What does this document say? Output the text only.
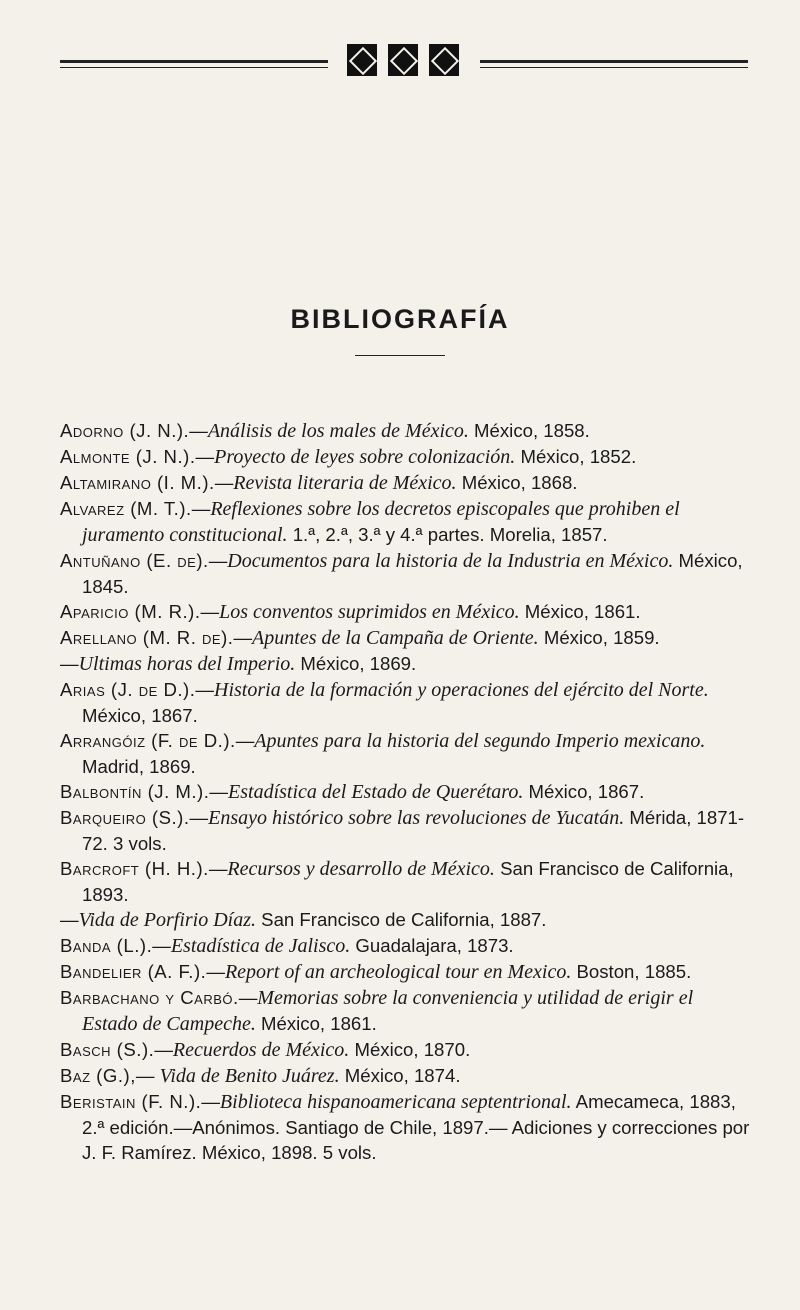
BIBLIOGRAFÍA

Adorno (J. N.).—Análisis de los males de México. México, 1858.

Almonte (J. N.).—Proyecto de leyes sobre colonización. México, 1852.

Altamirano (I. M.).—Revista literaria de México. México, 1868.

Alvarez (M. T.).—Reflexiones sobre los decretos episcopales que prohiben el juramento constitucional. 1.ª, 2.ª, 3.ª y 4.ª partes. Morelia, 1857.

Antuñano (E. de).—Documentos para la historia de la Industria en México. México, 1845.

Aparicio (M. R.).—Los conventos suprimidos en México. México, 1861.

Arellano (M. R. de).—Apuntes de la Campaña de Oriente. México, 1859.

—Ultimas horas del Imperio. México, 1869.

Arias (J. de D.).—Historia de la formación y operaciones del ejército del Norte. México, 1867.

Arrangóiz (F. de D.).—Apuntes para la historia del segundo Imperio mexicano. Madrid, 1869.

Balbontín (J. M.).—Estadística del Estado de Querétaro. México, 1867.

Barqueiro (S.).—Ensayo histórico sobre las revoluciones de Yucatán. Mérida, 1871-72. 3 vols.

Barcroft (H. H.).—Recursos y desarrollo de México. San Francisco de California, 1893.

—Vida de Porfirio Díaz. San Francisco de California, 1887.

Banda (L.).—Estadística de Jalisco. Guadalajara, 1873.

Bandelier (A. F.).—Report of an archeological tour en Mexico. Boston, 1885.

Barbachano y Carbó.—Memorias sobre la conveniencia y utilidad de erigir el Estado de Campeche. México, 1861.

Basch (S.).—Recuerdos de México. México, 1870.

Baz (G.),— Vida de Benito Juárez. México, 1874.

Beristain (F. N.).—Biblioteca hispanoamericana septentrional. Amecameca, 1883, 2.ª edición.—Anónimos. Santiago de Chile, 1897.— Adiciones y correcciones por J. F. Ramírez. México, 1898. 5 vols.
